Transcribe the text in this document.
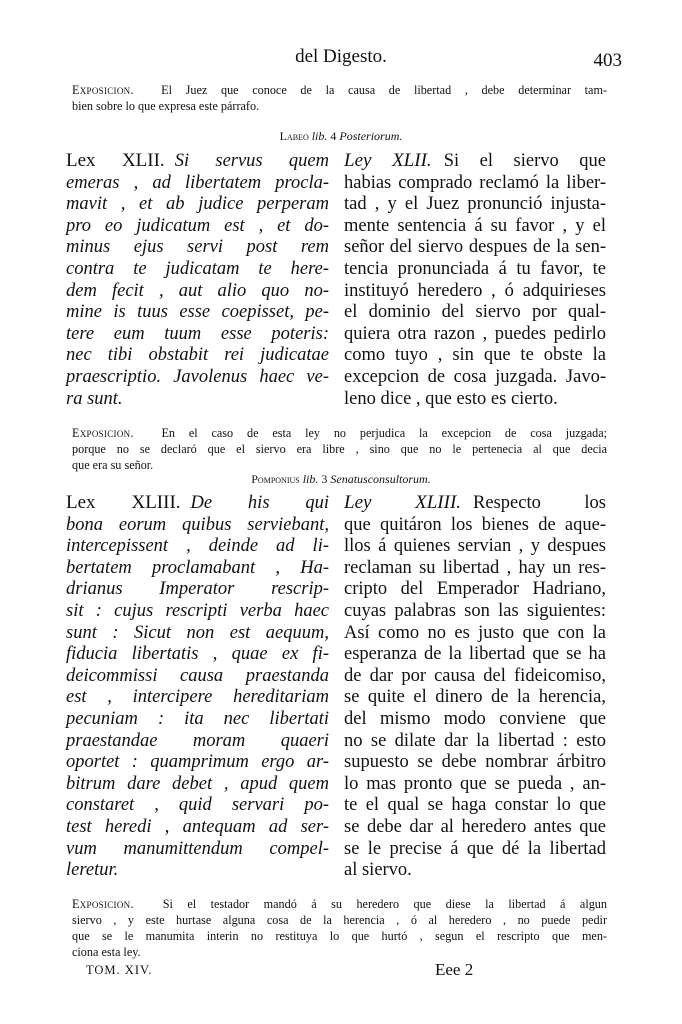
del Digesto.	403
Exposicion. El Juez que conoce de la causa de libertad , debe determinar tam-
bien sobre lo que expresa este párrafo.
Labeo lib. 4 Posteriorum.
Lex XLII. Si servus quem
emeras , ad libertatem procla-
mavit , et ab judice perperam
pro eo judicatum est , et do-
minus ejus servi post rem
contra te judicatam te here-
dem fecit , aut alio quo no-
mine is tuus esse coepisset, pe-
tere eum tuum esse poteris:
nec tibi obstabit rei judicatae
praescriptio. Javolenus haec ve-
ra sunt.
Ley XLII. Si el siervo que
habias comprado reclamó la liber-
tad , y el Juez pronunció injusta-
mente sentencia á su favor , y el
señor del siervo despues de la sen-
tencia pronunciada á tu favor, te
instituyó heredero , ó adquirieses
el dominio del siervo por qual-
quiera otra razon , puedes pedirlo
como tuyo , sin que te obste la
excepcion de cosa juzgada. Javo-
leno dice , que esto es cierto.
Exposicion. En el caso de esta ley no perjudica la excepcion de cosa juzgada;
porque no se declaró que el siervo era libre , sino que no le pertenecia al que decia
que era su señor.
Pomponius lib. 3 Senatusconsultorum.
Lex XLIII. De his qui
bona eorum quibus serviebant,
intercepissent , deinde ad li-
bertatem proclamabant , Ha-
drianus Imperator rescrip-
sit : cujus rescripti verba haec
sunt : Sicut non est aequum,
fiducia libertatis , quae ex fi-
deicommissi causa praestanda
est , intercipere hereditariam
pecuniam : ita nec libertati
praestandae moram quaeri
oportet : quamprimum ergo ar-
bitrum dare debet , apud quem
constaret , quid servari po-
test heredi , antequam ad ser-
vum manumittendum compel-
leretur.
Ley XLIII. Respecto los
que quitáron los bienes de aque-
llos á quienes servian , y despues
reclaman su libertad , hay un res-
cripto del Emperador Hadriano,
cuyas palabras son las siguientes:
Así como no es justo que con la
esperanza de la libertad que se ha
de dar por causa del fideicomiso,
se quite el dinero de la herencia,
del mismo modo conviene que
no se dilate dar la libertad : esto
supuesto se debe nombrar árbitro
lo mas pronto que se pueda , an-
te el qual se haga constar lo que
se debe dar al heredero antes que
se le precise á que dé la libertad
al siervo.
Exposicion. Si el testador mandó á su heredero que diese la libertad á algun
siervo , y este hurtase alguna cosa de la herencia , ó al heredero , no puede pedir
que se le manumita interin no restituya lo que hurtó , segun el rescripto que men-
ciona esta ley.
TOM. XIV.	Eee 2
